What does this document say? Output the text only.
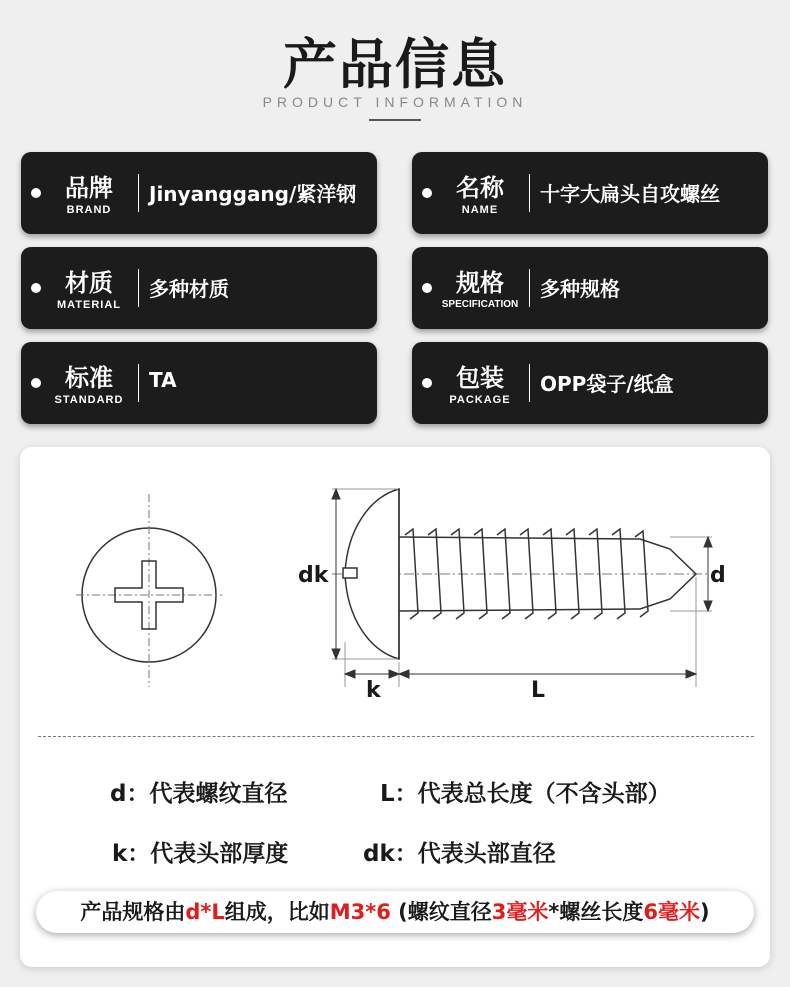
产品信息
PRODUCT INFORMATION
品牌
BRAND
Jinyanggang/紧洋钢	名称
NAME
十字大扁头自攻螺丝
材质
MATERIAL
多种材质	规格
SPECIFICATION
多种规格
标准
STANDARD
TA	包装
PACKAGE
OPP袋子/纸盒
dk	d
k	L
d：代表螺纹直径	L：代表总长度（不含头部）
k：代表头部厚度	dk：代表头部直径
产品规格由d*L组成，比如M3*6 (螺纹直径3毫米*螺丝长度6毫米)
